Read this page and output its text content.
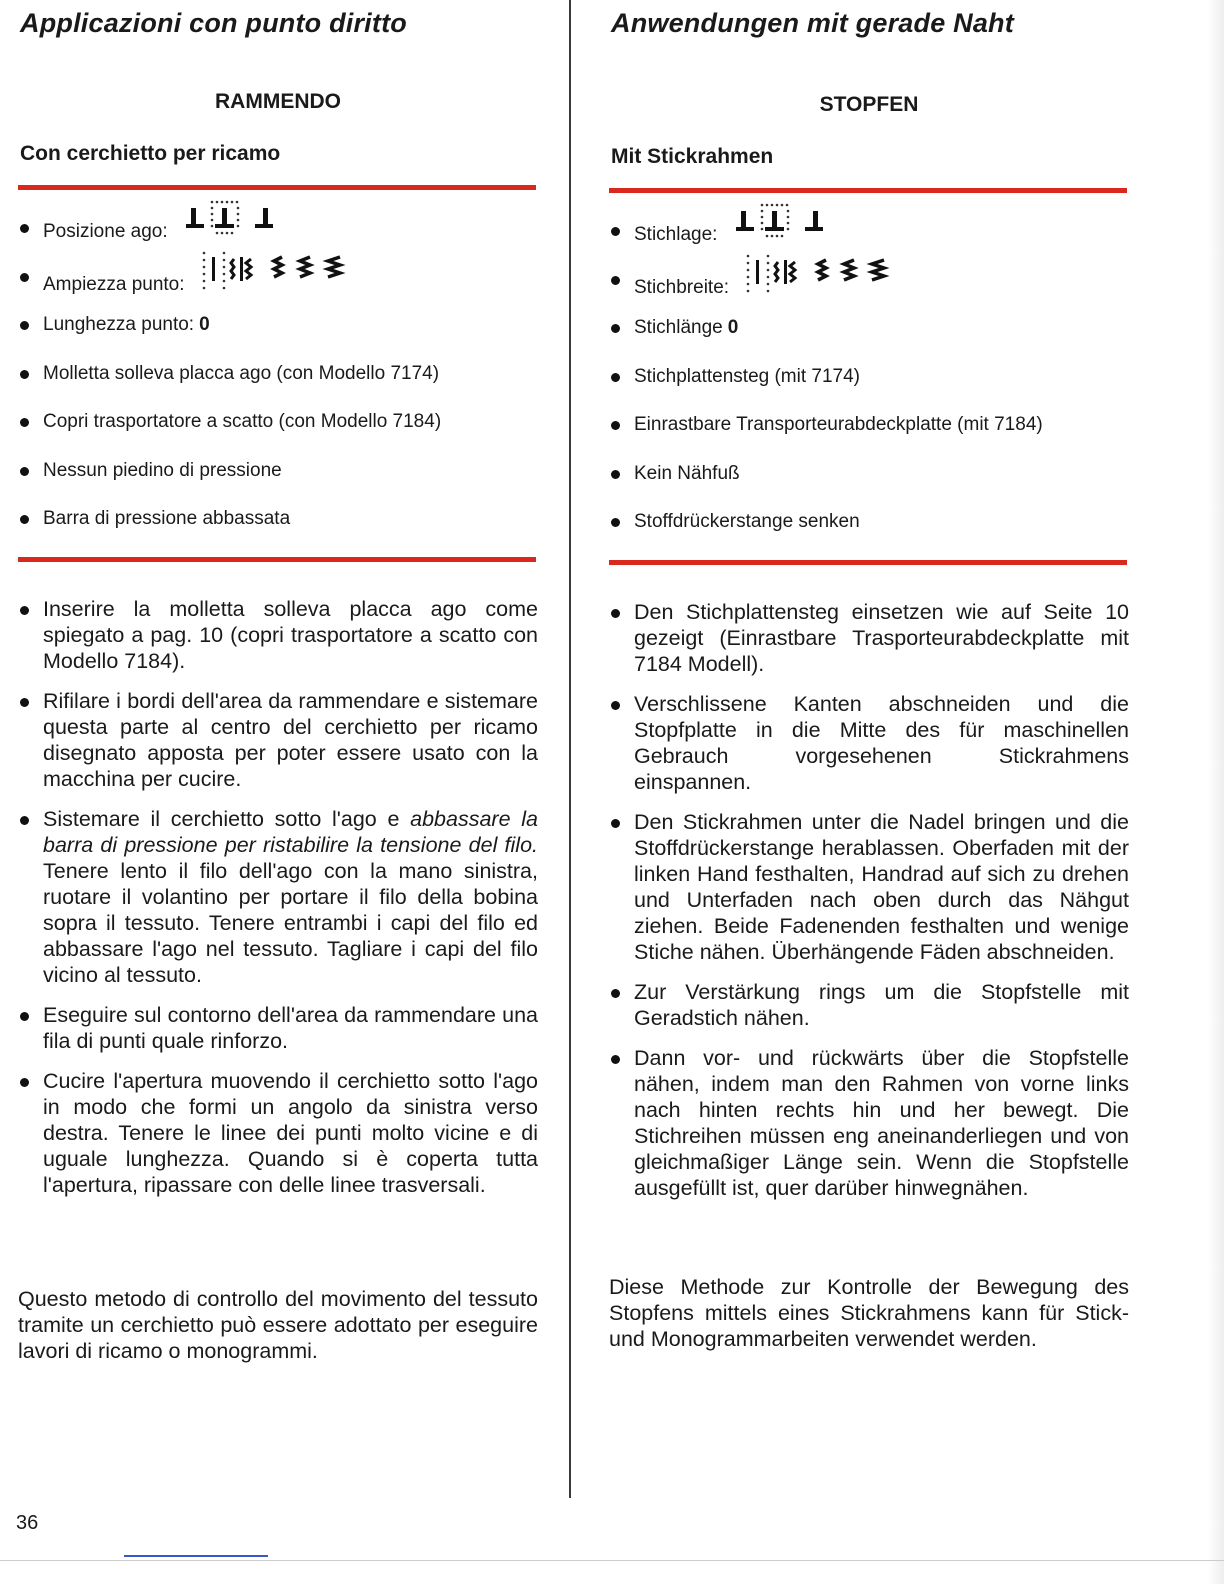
Applicazioni con punto diritto
RAMMENDO
Con cerchietto per ricamo
Posizione ago:
Ampiezza punto:
Lunghezza punto: 0
Molletta solleva placca ago (con Modello 7174)
Copri trasportatore a scatto (con Modello 7184)
Nessun piedino di pressione
Barra di pressione abbassata
Inserire la molletta solleva placca ago come spiegato a pag. 10 (copri trasportatore a scatto con Modello 7184).
Rifilare i bordi dell'area da rammendare e sistemare questa parte al centro del cerchietto per ricamo disegnato apposta per poter essere usato con la macchina per cucire.
Sistemare il cerchietto sotto l'ago e abbassare la barra di pressione per ristabilire la tensione del filo. Tenere lento il filo dell'ago con la mano sinistra, ruotare il volantino per portare il filo della bobina sopra il tessuto. Tenere entrambi i capi del filo ed abbassare l'ago nel tessuto. Tagliare i capi del filo vicino al tessuto.
Eseguire sul contorno dell'area da rammendare una fila di punti quale rinforzo.
Cucire l'apertura muovendo il cerchietto sotto l'ago in modo che formi un angolo da sinistra verso destra. Tenere le linee dei punti molto vicine e di uguale lunghezza. Quando si è coperta tutta l'apertura, ripassare con delle linee trasversali.

Questo metodo di controllo del movimento del tessuto tramite un cerchietto può essere adottato per eseguire lavori di ricamo o monogrammi.

Anwendungen mit gerade Naht
STOPFEN
Mit Stickrahmen
Stichlage:
Stichbreite:
Stichlänge 0
Stichplattensteg (mit 7174)
Einrastbare Transporteurabdeckplatte (mit 7184)
Kein Nähfuß
Stoffdrückerstange senken
Den Stichplattensteg einsetzen wie auf Seite 10 gezeigt (Einrastbare Trasporteurabdeckplatte mit 7184 Modell).
Verschlissene Kanten abschneiden und die Stopfplatte in die Mitte des für maschinellen Gebrauch vorgesehenen Stickrahmens einspannen.
Den Stickrahmen unter die Nadel bringen und die Stoffdrückerstange herablassen. Oberfaden mit der linken Hand festhalten, Handrad auf sich zu drehen und Unterfaden nach oben durch das Nähgut ziehen. Beide Fadenenden festhalten und wenige Stiche nähen. Überhängende Fäden abschneiden.
Zur Verstärkung rings um die Stopfstelle mit Geradstich nähen.
Dann vor- und rückwärts über die Stopfstelle nähen, indem man den Rahmen von vorne links nach hinten rechts hin und her bewegt. Die Stichreihen müssen eng aneinanderliegen und von gleichmaßiger Länge sein. Wenn die Stopfstelle ausgefüllt ist, quer darüber hinwegnähen.

Diese Methode zur Kontrolle der Bewegung des Stopfens mittels eines Stickrahmens kann für Stick- und Monogrammarbeiten verwendet werden.

36
